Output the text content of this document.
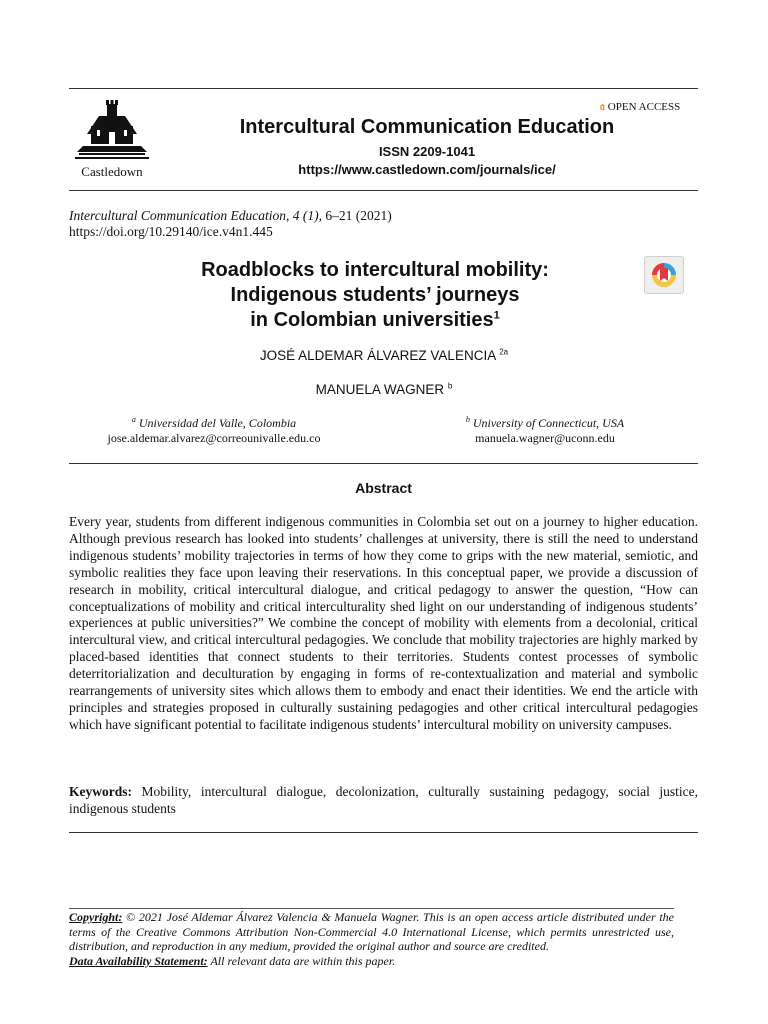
Castledown
𝔞 OPEN ACCESS
Intercultural Communication Education
ISSN 2209-1041
https://www.castledown.com/journals/ice/
Intercultural Communication Education, 4 (1), 6–21 (2021)
https://doi.org/10.29140/ice.v4n1.445
Roadblocks to intercultural mobility:
Indigenous students’ journeys
in Colombian universities$^1$
JOSÉ ALDEMAR ÁLVAREZ VALENCIA $^{2a}$
MANUELA WAGNER $^b$
$^a$ Universidad del Valle, Colombia
jose.aldemar.alvarez@correounivalle.edu.co
$^b$ University of Connecticut, USA
manuela.wagner@uconn.edu
Abstract
Every year, students from different indigenous communities in Colombia set out on a journey to higher education. Although previous research has looked into students’ challenges at university, there is still the need to understand indigenous students’ mobility trajectories in terms of how they come to grips with the new material, semiotic, and symbolic realities they face upon leaving their reservations. In this conceptual paper, we provide a discussion of research in mobility, critical intercultural dialogue, and critical pedagogy to answer the question, “How can conceptualizations of mobility and critical interculturality shed light on our understanding of indigenous students’ experiences at public universities?” We combine the concept of mobility with elements from a decolonial, critical intercultural view, and critical intercultural pedagogies. We conclude that mobility trajectories are highly marked by placed-based identities that connect students to their territories. Students contest processes of symbolic deterritorialization and deculturation by engaging in forms of re-contextualization and material and symbolic rearrangements of university sites which allows them to embody and enact their identities. We end the article with principles and strategies proposed in culturally sustaining pedagogies and other critical intercultural pedagogies which have significant potential to facilitate indigenous students’ intercultural mobility on university campuses.
Keywords: Mobility, intercultural dialogue, decolonization, culturally sustaining pedagogy, social justice, indigenous students
Copyright: © 2021 José Aldemar Álvarez Valencia & Manuela Wagner. This is an open access article distributed under the terms of the Creative Commons Attribution Non-Commercial 4.0 International License, which permits unrestricted use, distribution, and reproduction in any medium, provided the original author and source are credited.
Data Availability Statement: All relevant data are within this paper.
